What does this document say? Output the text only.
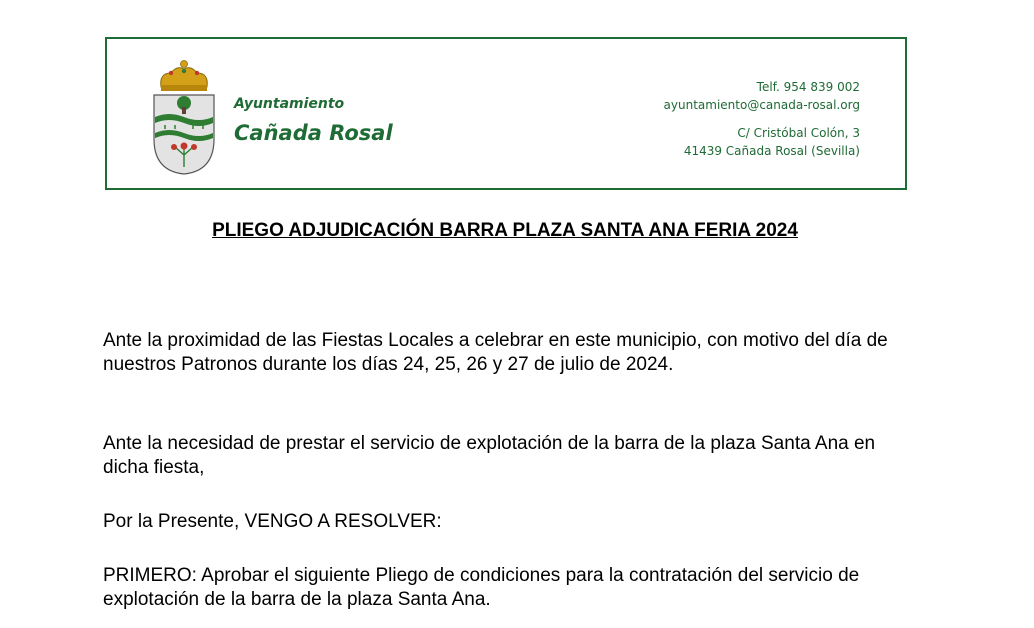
Ayuntamiento
Cañada Rosal
Telf. 954 839 002
ayuntamiento@canada-rosal.org
C/ Cristóbal Colón, 3
41439 Cañada Rosal (Sevilla)
PLIEGO ADJUDICACIÓN BARRA PLAZA SANTA ANA FERIA 2024
Ante la proximidad de las Fiestas Locales a celebrar en este municipio, con motivo del día de nuestros Patronos durante los días 24, 25, 26 y 27 de julio de 2024.
Ante la necesidad de prestar el servicio de explotación de la barra de la plaza Santa Ana en dicha fiesta,
Por la Presente, VENGO A RESOLVER:
PRIMERO: Aprobar el siguiente Pliego de condiciones para la contratación del servicio de explotación de la barra de la plaza Santa Ana.
